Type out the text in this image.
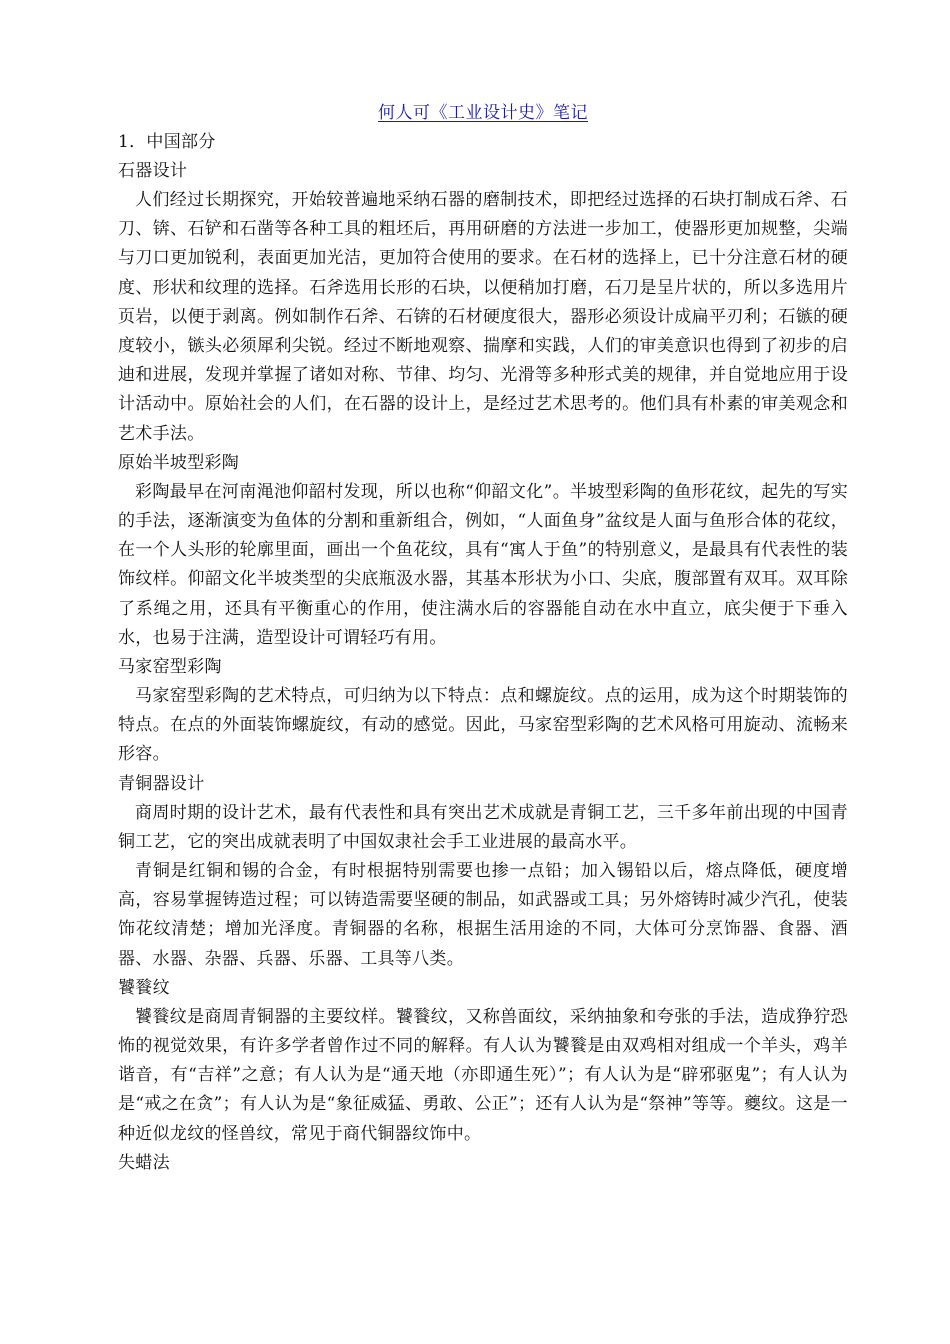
何人可《工业设计史》笔记

1．中国部分

石器设计

人们经过长期探究，开始较普遍地采纳石器的磨制技术，即把经过选择的石块打制成石斧、石刀、锛、石铲和石凿等各种工具的粗坯后，再用研磨的方法进一步加工，使器形更加规整，尖端与刀口更加锐利，表面更加光洁，更加符合使用的要求。在石材的选择上，已十分注意石材的硬度、形状和纹理的选择。石斧选用长形的石块，以便稍加打磨，石刀是呈片状的，所以多选用片页岩，以便于剥离。例如制作石斧、石锛的石材硬度很大，器形必须设计成扁平刃利；石镞的硬度较小，镞头必须犀利尖锐。经过不断地观察、揣摩和实践，人们的审美意识也得到了初步的启迪和进展，发现并掌握了诸如对称、节律、均匀、光滑等多种形式美的规律，并自觉地应用于设计活动中。原始社会的人们，在石器的设计上，是经过艺术思考的。他们具有朴素的审美观念和艺术手法。

原始半坡型彩陶

彩陶最早在河南渑池仰韶村发现，所以也称“仰韶文化”。半坡型彩陶的鱼形花纹，起先的写实的手法，逐渐演变为鱼体的分割和重新组合，例如，“人面鱼身”盆纹是人面与鱼形合体的花纹，在一个人头形的轮廓里面，画出一个鱼花纹，具有“寓人于鱼”的特别意义，是最具有代表性的装饰纹样。仰韶文化半坡类型的尖底瓶汲水器，其基本形状为小口、尖底，腹部置有双耳。双耳除了系绳之用，还具有平衡重心的作用，使注满水后的容器能自动在水中直立，底尖便于下垂入水，也易于注满，造型设计可谓轻巧有用。

马家窑型彩陶

马家窑型彩陶的艺术特点，可归纳为以下特点：点和螺旋纹。点的运用，成为这个时期装饰的特点。在点的外面装饰螺旋纹，有动的感觉。因此，马家窑型彩陶的艺术风格可用旋动、流畅来形容。

青铜器设计

商周时期的设计艺术，最有代表性和具有突出艺术成就是青铜工艺，三千多年前出现的中国青铜工艺，它的突出成就表明了中国奴隶社会手工业进展的最高水平。

青铜是红铜和锡的合金，有时根据特别需要也掺一点铅；加入锡铅以后，熔点降低，硬度增高，容易掌握铸造过程；可以铸造需要坚硬的制品，如武器或工具；另外熔铸时减少汽孔，使装饰花纹清楚；增加光泽度。青铜器的名称，根据生活用途的不同，大体可分烹饰器、食器、酒器、水器、杂器、兵器、乐器、工具等八类。

饕餮纹

饕餮纹是商周青铜器的主要纹样。饕餮纹，又称兽面纹，采纳抽象和夸张的手法，造成狰狞恐怖的视觉效果，有许多学者曾作过不同的解释。有人认为饕餮是由双鸡相对组成一个羊头，鸡羊谐音，有“吉祥”之意；有人认为是“通天地（亦即通生死）”；有人认为是“辟邪驱鬼”；有人认为是“戒之在贪”；有人认为是“象征威猛、勇敢、公正”；还有人认为是“祭神”等等。夔纹。这是一种近似龙纹的怪兽纹，常见于商代铜器纹饰中。

失蜡法
